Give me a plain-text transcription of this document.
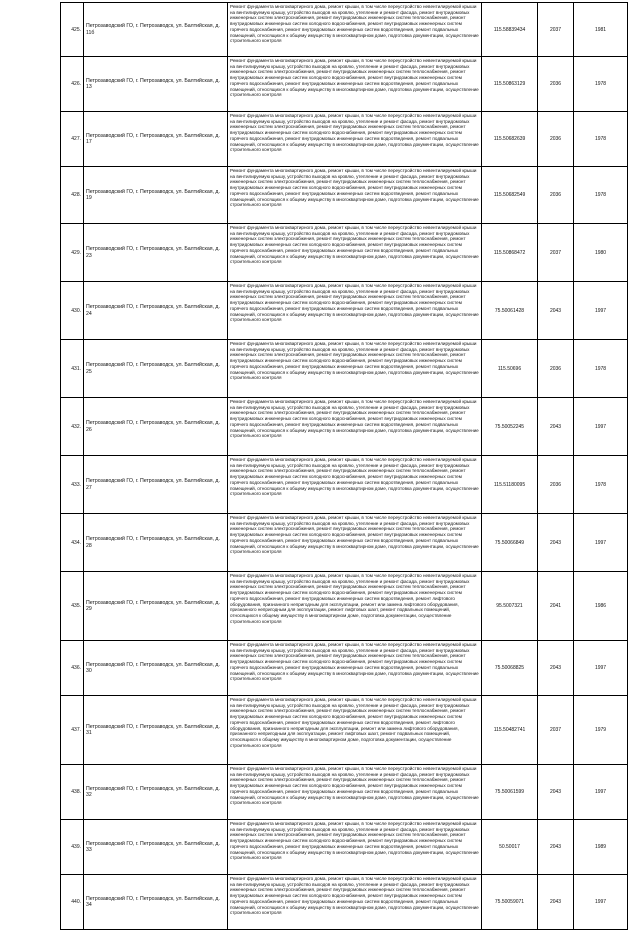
425.	Петрозаводский ГО, г. Петрозаводск, ул. Балтийская, д. 11б	Ремонт фундамента многоквартирного дома, ремонт крыши, в том числе переустройство невентилируемой крыши на вентилируемую крышу, устройство выходов на кровлю, утепление и ремонт фасада, ремонт внутридомовых инженерных систем электроснабжения, ремонт внутридомовых инженерных систем теплоснабжения, ремонт внутридомовых инженерных систем холодного водоснабжения, ремонт внутридомовых инженерных систем горячего водоснабжения, ремонт внутридомовых инженерных систем водоотведения, ремонт подвальных помещений, относящихся к общему имуществу в многоквартирном доме, подготовка документации, осуществление строительного контроля	115.58839434	2037	1981
426.	Петрозаводский ГО, г. Петрозаводск, ул. Балтийская, д. 13	Ремонт фундамента многоквартирного дома, ремонт крыши, в том числе переустройство невентилируемой крыши на вентилируемую крышу, устройство выходов на кровлю, утепление и ремонт фасада, ремонт внутридомовых инженерных систем электроснабжения, ремонт внутридомовых инженерных систем теплоснабжения, ремонт внутридомовых инженерных систем холодного водоснабжения, ремонт внутридомовых инженерных систем горячего водоснабжения, ремонт внутридомовых инженерных систем водоотведения, ремонт подвальных помещений, относящихся к общему имуществу в многоквартирном доме, подготовка документации, осуществление строительного контроля	115.50863129	2036	1978
427.	Петрозаводский ГО, г. Петрозаводск, ул. Балтийская, д. 17	Ремонт фундамента многоквартирного дома, ремонт крыши, в том числе переустройство невентилируемой крыши на вентилируемую крышу, устройство выходов на кровлю, утепление и ремонт фасада, ремонт внутридомовых инженерных систем электроснабжения, ремонт внутридомовых инженерных систем теплоснабжения, ремонт внутридомовых инженерных систем холодного водоснабжения, ремонт внутридомовых инженерных систем горячего водоснабжения, ремонт внутридомовых инженерных систем водоотведения, ремонт подвальных помещений, относящихся к общему имуществу в многоквартирном доме, подготовка документации, осуществление строительного контроля	115.50682639	2036	1978
428.	Петрозаводский ГО, г. Петрозаводск, ул. Балтийская, д. 19	Ремонт фундамента многоквартирного дома, ремонт крыши, в том числе переустройство невентилируемой крыши на вентилируемую крышу, устройство выходов на кровлю, утепление и ремонт фасада, ремонт внутридомовых инженерных систем электроснабжения, ремонт внутридомовых инженерных систем теплоснабжения, ремонт внутридомовых инженерных систем холодного водоснабжения, ремонт внутридомовых инженерных систем горячего водоснабжения, ремонт внутридомовых инженерных систем водоотведения, ремонт подвальных помещений, относящихся к общему имуществу в многоквартирном доме, подготовка документации, осуществление строительного контроля	115.50682549	2036	1978
429.	Петрозаводский ГО, г. Петрозаводск, ул. Балтийская, д. 23	Ремонт фундамента многоквартирного дома, ремонт крыши, в том числе переустройство невентилируемой крыши на вентилируемую крышу, устройство выходов на кровлю, утепление и ремонт фасада, ремонт внутридомовых инженерных систем электроснабжения, ремонт внутридомовых инженерных систем теплоснабжения, ремонт внутридомовых инженерных систем холодного водоснабжения, ремонт внутридомовых инженерных систем горячего водоснабжения, ремонт внутридомовых инженерных систем водоотведения, ремонт подвальных помещений, относящихся к общему имуществу в многоквартирном доме, подготовка документации, осуществление строительного контроля	115.50868472	2037	1980
430.	Петрозаводский ГО, г. Петрозаводск, ул. Балтийская, д. 24	Ремонт фундамента многоквартирного дома, ремонт крыши, в том числе переустройство невентилируемой крыши на вентилируемую крышу, устройство выходов на кровлю, утепление и ремонт фасада, ремонт внутридомовых инженерных систем электроснабжения, ремонт внутридомовых инженерных систем теплоснабжения, ремонт внутридомовых инженерных систем холодного водоснабжения, ремонт внутридомовых инженерных систем горячего водоснабжения, ремонт внутридомовых инженерных систем водоотведения, ремонт подвальных помещений, относящихся к общему имуществу в многоквартирном доме, подготовка документации, осуществление строительного контроля	75.50061428	2043	1997
431.	Петрозаводский ГО, г. Петрозаводск, ул. Балтийская, д. 25	Ремонт фундамента многоквартирного дома, ремонт крыши, в том числе переустройство невентилируемой крыши на вентилируемую крышу, устройство выходов на кровлю, утепление и ремонт фасада, ремонт внутридомовых инженерных систем электроснабжения, ремонт внутридомовых инженерных систем теплоснабжения, ремонт внутридомовых инженерных систем холодного водоснабжения, ремонт внутридомовых инженерных систем горячего водоснабжения, ремонт внутридомовых инженерных систем водоотведения, ремонт подвальных помещений, относящихся к общему имуществу в многоквартирном доме, подготовка документации, осуществление строительного контроля	115.50696	2036	1978
432.	Петрозаводский ГО, г. Петрозаводск, ул. Балтийская, д. 26	Ремонт фундамента многоквартирного дома, ремонт крыши, в том числе переустройство невентилируемой крыши на вентилируемую крышу, устройство выходов на кровлю, утепление и ремонт фасада, ремонт внутридомовых инженерных систем электроснабжения, ремонт внутридомовых инженерных систем теплоснабжения, ремонт внутридомовых инженерных систем холодного водоснабжения, ремонт внутридомовых инженерных систем горячего водоснабжения, ремонт внутридомовых инженерных систем водоотведения, ремонт подвальных помещений, относящихся к общему имуществу в многоквартирном доме, подготовка документации, осуществление строительного контроля	75.50052245	2043	1997
433.	Петрозаводский ГО, г. Петрозаводск, ул. Балтийская, д. 27	Ремонт фундамента многоквартирного дома, ремонт крыши, в том числе переустройство невентилируемой крыши на вентилируемую крышу, устройство выходов на кровлю, утепление и ремонт фасада, ремонт внутридомовых инженерных систем электроснабжения, ремонт внутридомовых инженерных систем теплоснабжения, ремонт внутридомовых инженерных систем холодного водоснабжения, ремонт внутридомовых инженерных систем горячего водоснабжения, ремонт внутридомовых инженерных систем водоотведения, ремонт подвальных помещений, относящихся к общему имуществу в многоквартирном доме, подготовка документации, осуществление строительного контроля	115.51180095	2036	1978
434.	Петрозаводский ГО, г. Петрозаводск, ул. Балтийская, д. 28	Ремонт фундамента многоквартирного дома, ремонт крыши, в том числе переустройство невентилируемой крыши на вентилируемую крышу, устройство выходов на кровлю, утепление и ремонт фасада, ремонт внутридомовых инженерных систем электроснабжения, ремонт внутридомовых инженерных систем теплоснабжения, ремонт внутридомовых инженерных систем холодного водоснабжения, ремонт внутридомовых инженерных систем горячего водоснабжения, ремонт внутридомовых инженерных систем водоотведения, ремонт подвальных помещений, относящихся к общему имуществу в многоквартирном доме, подготовка документации, осуществление строительного контроля	75.50066849	2043	1997
435.	Петрозаводский ГО, г. Петрозаводск, ул. Балтийская, д. 29	Ремонт фундамента многоквартирного дома, ремонт крыши, в том числе переустройство невентилируемой крыши на вентилируемую крышу, устройство выходов на кровлю, утепление и ремонт фасада, ремонт внутридомовых инженерных систем электроснабжения, ремонт внутридомовых инженерных систем теплоснабжения, ремонт внутридомовых инженерных систем холодного водоснабжения, ремонт внутридомовых инженерных систем горячего водоснабжения, ремонт внутридомовых инженерных систем водоотведения, ремонт лифтового оборудования, признанного непригодным для эксплуатации, ремонт или замена лифтового оборудования, признанного непригодным для эксплуатации, ремонт лифтовых шахт, ремонт подвальных помещений, относящихся к общему имуществу в многоквартирном доме, подготовка документации, осуществление строительного контроля	95.5007321	2041	1986
436.	Петрозаводский ГО, г. Петрозаводск, ул. Балтийская, д. 30	Ремонт фундамента многоквартирного дома, ремонт крыши, в том числе переустройство невентилируемой крыши на вентилируемую крышу, устройство выходов на кровлю, утепление и ремонт фасада, ремонт внутридомовых инженерных систем электроснабжения, ремонт внутридомовых инженерных систем теплоснабжения, ремонт внутридомовых инженерных систем холодного водоснабжения, ремонт внутридомовых инженерных систем горячего водоснабжения, ремонт внутридомовых инженерных систем водоотведения, ремонт подвальных помещений, относящихся к общему имуществу в многоквартирном доме, подготовка документации, осуществление строительного контроля	75.50068825	2043	1997
437.	Петрозаводский ГО, г. Петрозаводск, ул. Балтийская, д. 31	Ремонт фундамента многоквартирного дома, ремонт крыши, в том числе переустройство невентилируемой крыши на вентилируемую крышу, устройство выходов на кровлю, утепление и ремонт фасада, ремонт внутридомовых инженерных систем электроснабжения, ремонт внутридомовых инженерных систем теплоснабжения, ремонт внутридомовых инженерных систем холодного водоснабжения, ремонт внутридомовых инженерных систем горячего водоснабжения, ремонт внутридомовых инженерных систем водоотведения, ремонт лифтового оборудования, признанного непригодным для эксплуатации, ремонт или замена лифтового оборудования, признанного непригодным для эксплуатации, ремонт лифтовых шахт, ремонт подвальных помещений, относящихся к общему имуществу в многоквартирном доме, подготовка документации, осуществление строительного контроля	115.50482741	2037	1979
438.	Петрозаводский ГО, г. Петрозаводск, ул. Балтийская, д. 32	Ремонт фундамента многоквартирного дома, ремонт крыши, в том числе переустройство невентилируемой крыши на вентилируемую крышу, устройство выходов на кровлю, утепление и ремонт фасада, ремонт внутридомовых инженерных систем электроснабжения, ремонт внутридомовых инженерных систем теплоснабжения, ремонт внутридомовых инженерных систем холодного водоснабжения, ремонт внутридомовых инженерных систем горячего водоснабжения, ремонт внутридомовых инженерных систем водоотведения, ремонт подвальных помещений, относящихся к общему имуществу в многоквартирном доме, подготовка документации, осуществление строительного контроля	75.50061599	2043	1997
439.	Петрозаводский ГО, г. Петрозаводск, ул. Балтийская, д. 33	Ремонт фундамента многоквартирного дома, ремонт крыши, в том числе переустройство невентилируемой крыши на вентилируемую крышу, устройство выходов на кровлю, утепление и ремонт фасада, ремонт внутридомовых инженерных систем электроснабжения, ремонт внутридомовых инженерных систем теплоснабжения, ремонт внутридомовых инженерных систем холодного водоснабжения, ремонт внутридомовых инженерных систем горячего водоснабжения, ремонт внутридомовых инженерных систем водоотведения, ремонт подвальных помещений, относящихся к общему имуществу в многоквартирном доме, подготовка документации, осуществление строительного контроля	50.50017	2043	1989
440.	Петрозаводский ГО, г. Петрозаводск, ул. Балтийская, д. 34	Ремонт фундамента многоквартирного дома, ремонт крыши, в том числе переустройство невентилируемой крыши на вентилируемую крышу, устройство выходов на кровлю, утепление и ремонт фасада, ремонт внутридомовых инженерных систем электроснабжения, ремонт внутридомовых инженерных систем теплоснабжения, ремонт внутридомовых инженерных систем холодного водоснабжения, ремонт внутридомовых инженерных систем горячего водоснабжения, ремонт внутридомовых инженерных систем водоотведения, ремонт подвальных помещений, относящихся к общему имуществу в многоквартирном доме, подготовка документации, осуществление строительного контроля	75.50059071	2043	1997
